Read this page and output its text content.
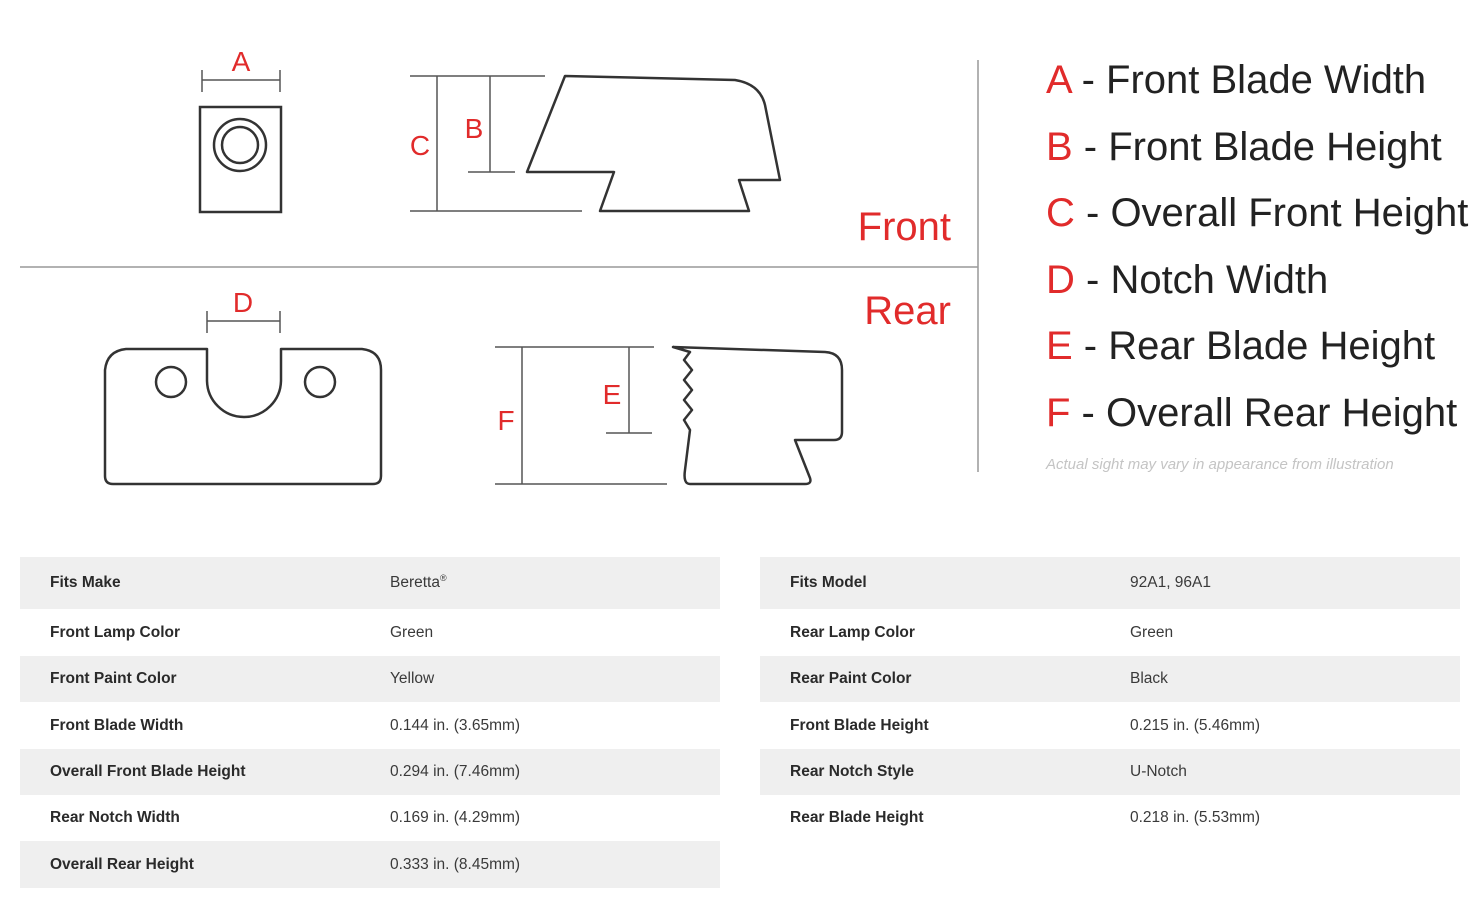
A
C
B
Front
Rear
D
F
E
A - Front Blade Width
B - Front Blade Height
C - Overall Front Height
D - Notch Width
E - Rear Blade Height
F - Overall Rear Height
Actual sight may vary in appearance from illustration
Fits Make	Beretta®
Front Lamp Color	Green
Front Paint Color	Yellow
Front Blade Width	0.144 in. (3.65mm)
Overall Front Blade Height	0.294 in. (7.46mm)
Rear Notch Width	0.169 in. (4.29mm)
Overall Rear Height	0.333 in. (8.45mm)
Fits Model	92A1, 96A1
Rear Lamp Color	Green
Rear Paint Color	Black
Front Blade Height	0.215 in. (5.46mm)
Rear Notch Style	U-Notch
Rear Blade Height	0.218 in. (5.53mm)
